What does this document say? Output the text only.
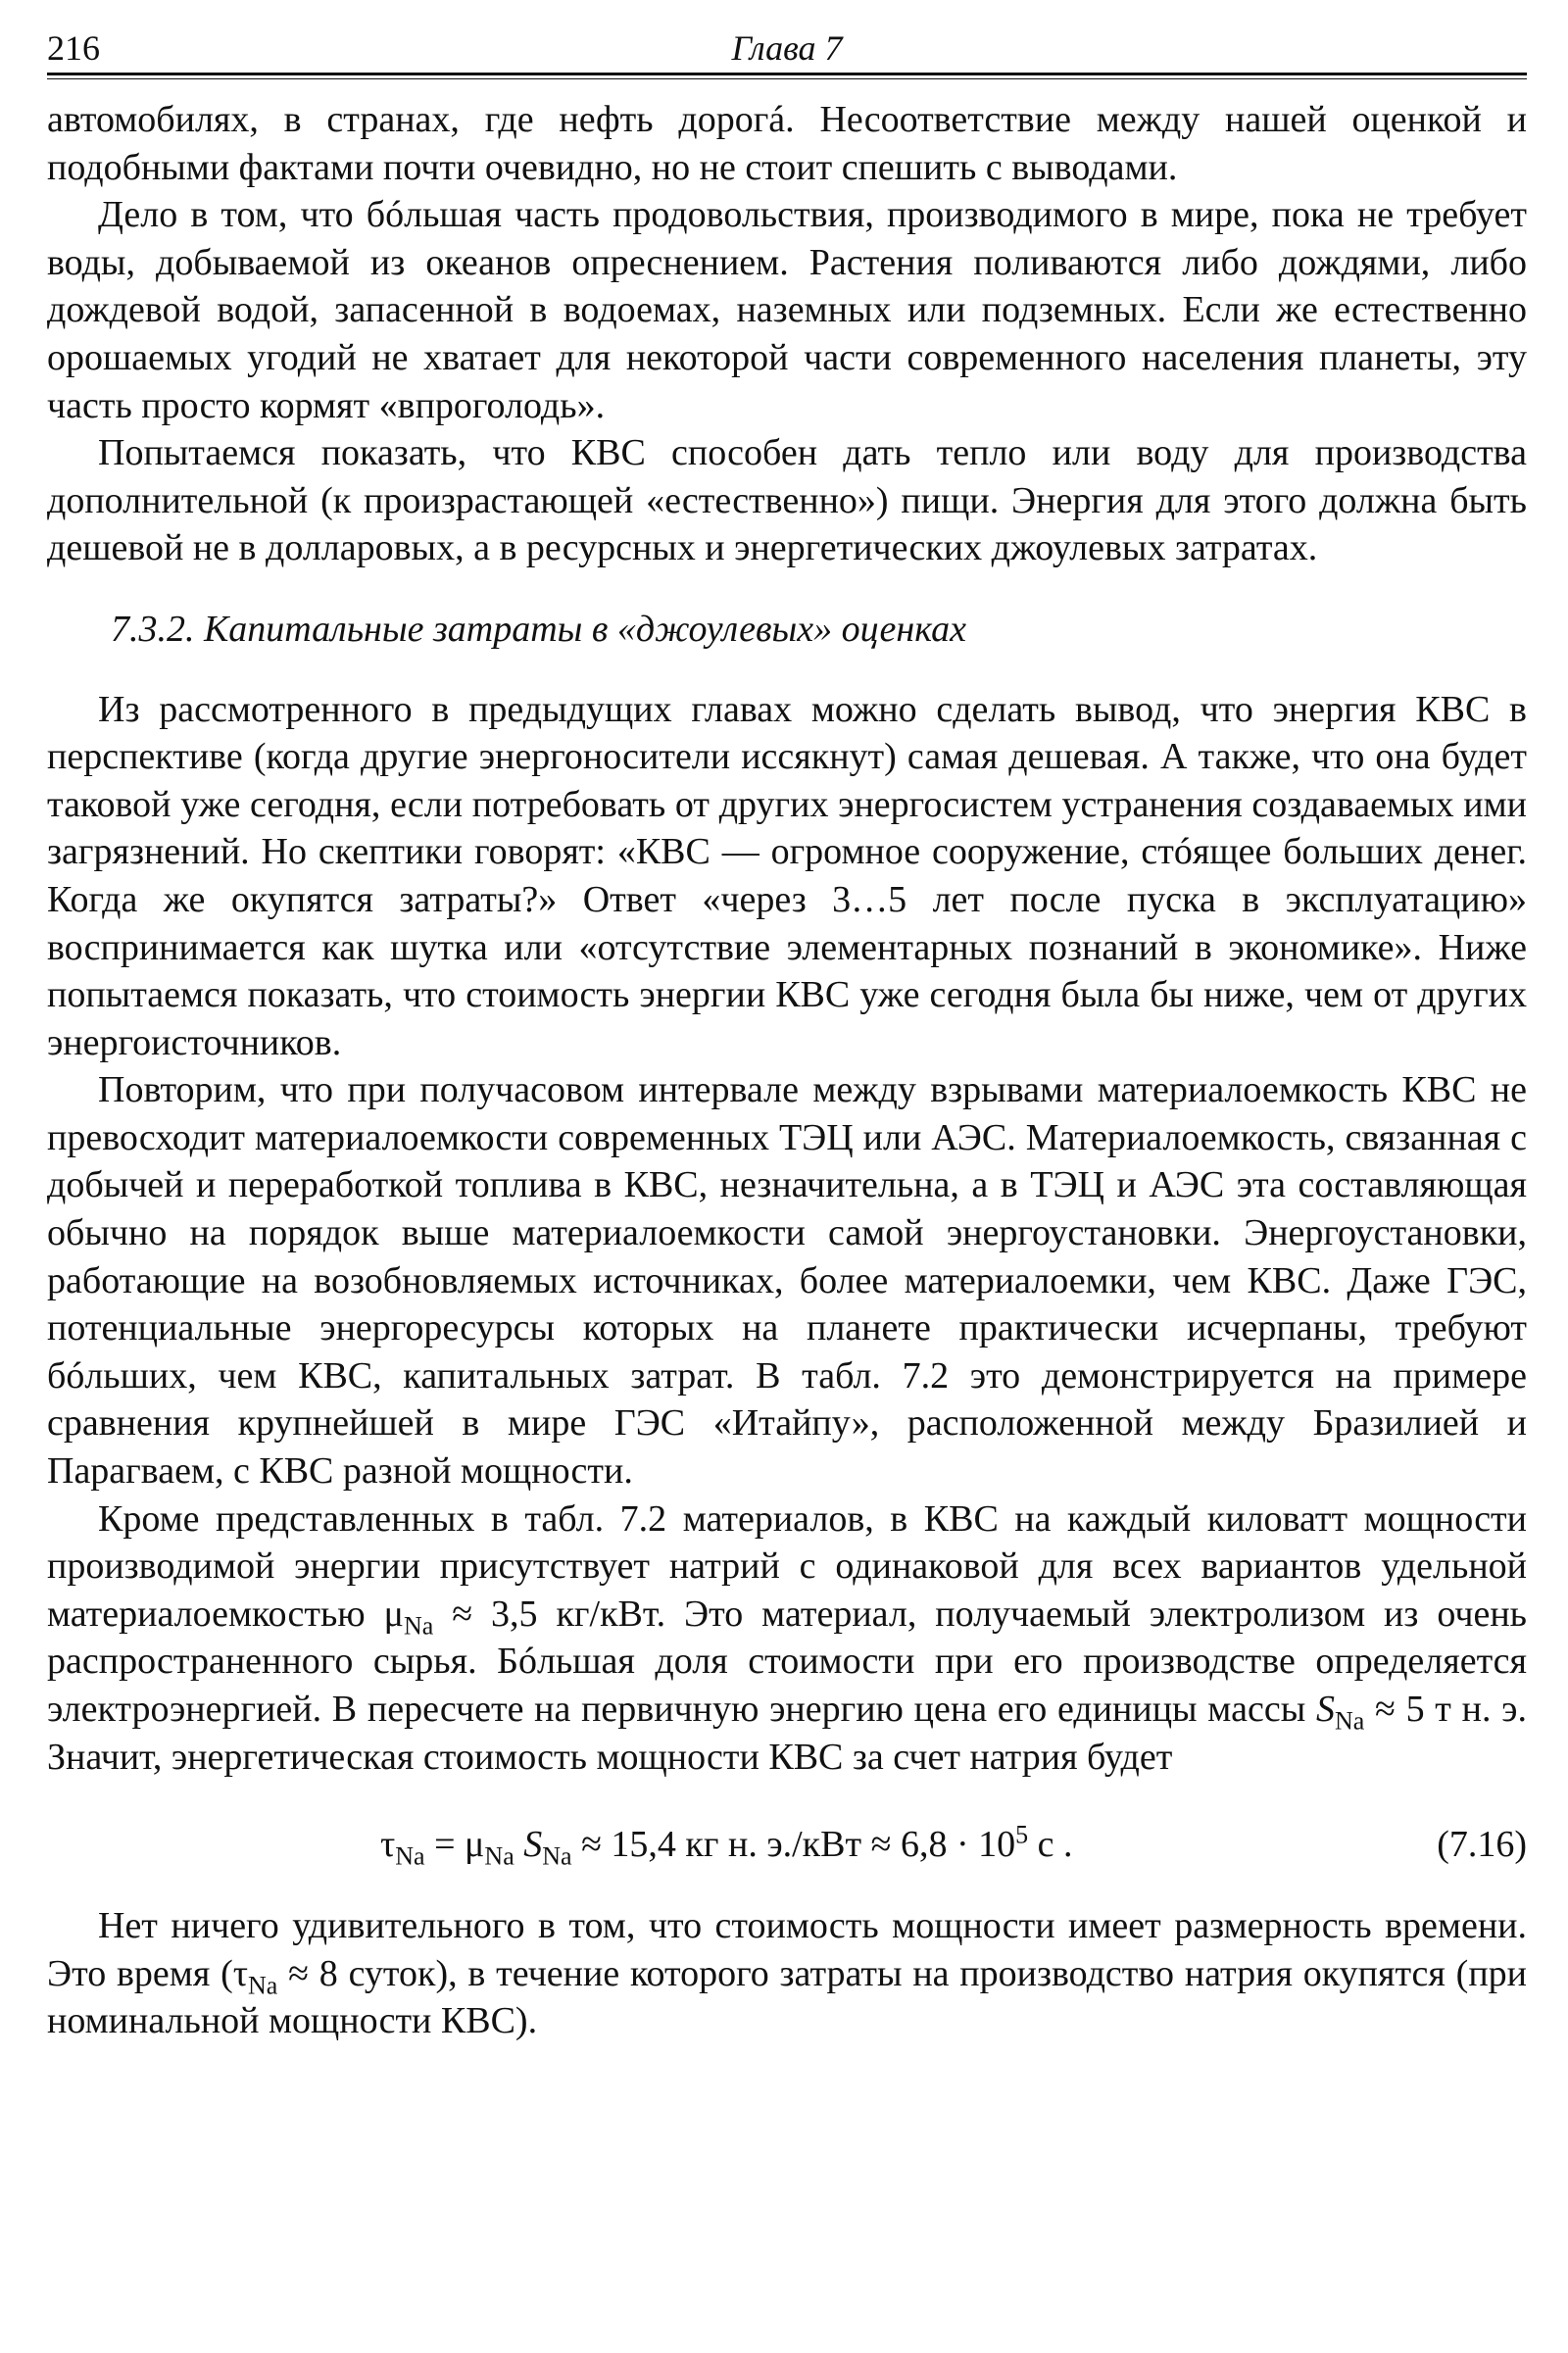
216	Глава 7

автомобилях, в странах, где нефть дорогá. Несоответствие между нашей оценкой и подобными фактами почти очевидно, но не стоит спешить с выводами.

Дело в том, что бóльшая часть продовольствия, производимого в мире, пока не требует воды, добываемой из океанов опреснением. Растения поливаются либо дождями, либо дождевой водой, запасенной в водоемах, наземных или подземных. Если же естественно орошаемых угодий не хватает для некоторой части современного населения планеты, эту часть просто кормят «впроголодь».

Попытаемся показать, что КВС способен дать тепло или воду для производства дополнительной (к произрастающей «естественно») пищи. Энергия для этого должна быть дешевой не в долларовых, а в ресурсных и энергетических джоулевых затратах.

7.3.2. Капитальные затраты в «джоулевых» оценках

Из рассмотренного в предыдущих главах можно сделать вывод, что энергия КВС в перспективе (когда другие энергоносители иссякнут) самая дешевая. А также, что она будет таковой уже сегодня, если потребовать от других энергосистем устранения создаваемых ими загрязнений. Но скептики говорят: «КВС — огромное сооружение, стóящее больших денег. Когда же окупятся затраты?» Ответ «через 3…5 лет после пуска в эксплуатацию» воспринимается как шутка или «отсутствие элементарных познаний в экономике». Ниже попытаемся показать, что стоимость энергии КВС уже сегодня была бы ниже, чем от других энергоисточников.

Повторим, что при получасовом интервале между взрывами материалоемкость КВС не превосходит материалоемкости современных ТЭЦ или АЭС. Материалоемкость, связанная с добычей и переработкой топлива в КВС, незначительна, а в ТЭЦ и АЭС эта составляющая обычно на порядок выше материалоемкости самой энергоустановки. Энергоустановки, работающие на возобновляемых источниках, более материалоемки, чем КВС. Даже ГЭС, потенциальные энергоресурсы которых на планете практически исчерпаны, требуют бóльших, чем КВС, капитальных затрат. В табл. 7.2 это демонстрируется на примере сравнения крупнейшей в мире ГЭС «Итайпу», расположенной между Бразилией и Парагваем, с КВС разной мощности.

Кроме представленных в табл. 7.2 материалов, в КВС на каждый киловатт мощности производимой энергии присутствует натрий с одинаковой для всех вариантов удельной материалоемкостью $\mu_{Na} \approx 3,5$ кг/кВт. Это материал, получаемый электролизом из очень распространенного сырья. Бóльшая доля стоимости при его производстве определяется электроэнергией. В пересчете на первичную энергию цена его единицы массы $S_{Na} \approx 5$ т н. э. Значит, энергетическая стоимость мощности КВС за счет натрия будет

$\tau_{Na} = \mu_{Na}$ $S_{Na} \approx 15,4$ кг н. $э./кВт \approx 6,8 \cdot 10^5$ с .	(7.16)

Нет ничего удивительного в том, что стоимость мощности имеет размерность времени. Это время ($\tau_{Na} \approx 8$ суток), в течение которого затраты на производство натрия окупятся (при номинальной мощности КВС).
